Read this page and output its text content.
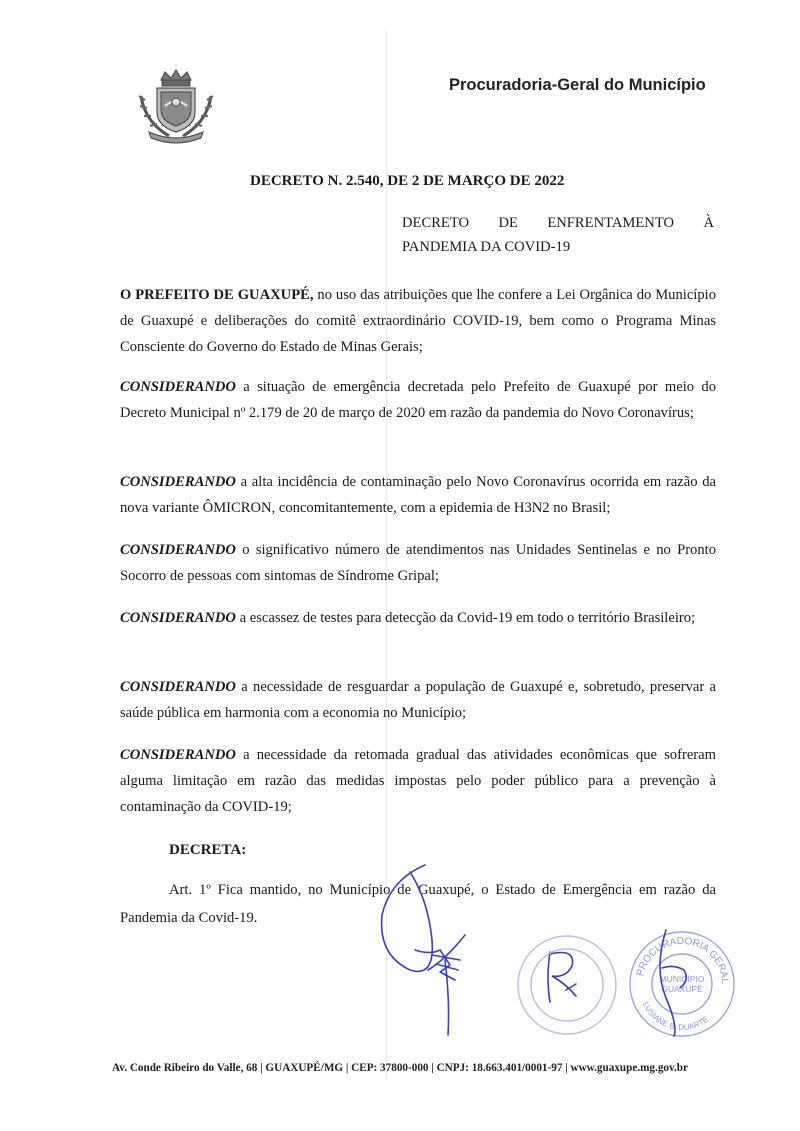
Procuradoria-Geral do Município
DECRETO N. 2.540, DE 2 DE MARÇO DE 2022
DECRETO DE ENFRENTAMENTO À PANDEMIA DA COVID-19

O PREFEITO DE GUAXUPÉ, no uso das atribuições que lhe confere a Lei Orgânica do Município de Guaxupé e deliberações do comitê extraordinário COVID-19, bem como o Programa Minas Consciente do Governo do Estado de Minas Gerais;

CONSIDERANDO a situação de emergência decretada pelo Prefeito de Guaxupé por meio do Decreto Municipal nº 2.179 de 20 de março de 2020 em razão da pandemia do Novo Coronavírus;

CONSIDERANDO a alta incidência de contaminação pelo Novo Coronavírus ocorrida em razão da nova variante ÔMICRON, concomitantemente, com a epidemia de H3N2 no Brasil;

CONSIDERANDO o significativo número de atendimentos nas Unidades Sentinelas e no Pronto Socorro de pessoas com sintomas de Síndrome Gripal;

CONSIDERANDO a escassez de testes para detecção da Covid-19 em todo o território Brasileiro;

CONSIDERANDO a necessidade de resguardar a população de Guaxupé e, sobretudo, preservar a saúde pública em harmonia com a economia no Município;

CONSIDERANDO a necessidade da retomada gradual das atividades econômicas que sofreram alguma limitação em razão das medidas impostas pelo poder público para a prevenção à contaminação da COVID-19;

DECRETA:

Art. 1º Fica mantido, no Município de Guaxupé, o Estado de Emergência em razão da Pandemia da Covid-19.

PROCURADORIA GERAL
MUNICÍPIO
GUAXUPÉ
LUSIANE B. DUARTE
Av. Conde Ribeiro do Valle, 68 | GUAXUPÉ/MG | CEP: 37800-000 | CNPJ: 18.663.401/0001-97 | www.guaxupe.mg.gov.br
